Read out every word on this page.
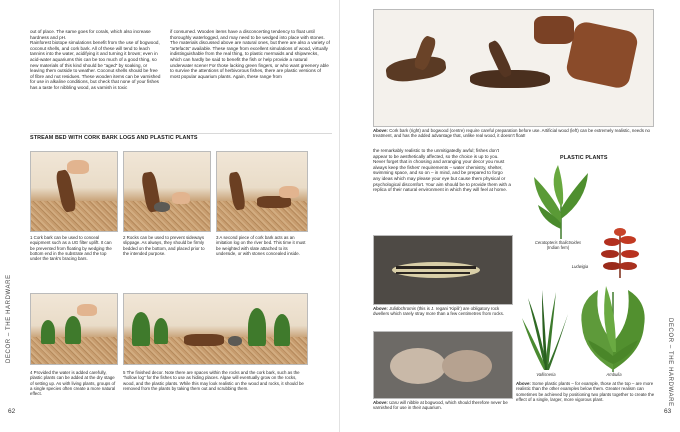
out of place. The same goes for corals, which also increase hardness and pH.
Rainforest biotope simulations benefit from the use of bogwood, coconut shells, and cork bark. All of these will tend to leach tannins into the water, acidifying it and turning it brown; even in acid-water aquariums this can be too much of a good thing, so new materials of this kind should be “aged” by soaking, or leaving them outside to weather. Coconut shells should be free of fibre and nut residues. These wooden items can be varnished for use in alkaline conditions, but check that none of your fishes has a taste for nibbling wood, as varnish is toxic
if consumed. Wooden items have a disconcerting tendency to float until thoroughly waterlogged, and may need to be wedged into place with stones.
The materials discussed above are natural ones, but there are also a variety of “artefacts” available. These range from excellent simulations of wood, virtually indistinguishable from the real thing, to plastic mermaids and shipwrecks, which can hardly be said to benefit the fish or help provide a natural underwater scene! For those lacking green fingers, or who want greenery able to survive the attentions of herbivorous fishes, there are plastic versions of most popular aquarium plants. Again, these range from
STREAM BED WITH CORK BARK LOGS AND PLASTIC PLANTS
1 Cork bark can be used to conceal equipment such as a UG filter uplift. It can be prevented from floating by wedging the bottom end in the substrate and the top under the tank's bracing bars.
2 Rocks can be used to prevent sideways slippage. As always, they should be firmly bedded on the bottom, and placed prior to the intended purpose.
3 A second piece of cork bark acts as an imitation log on the river bed. This time it must be weighted with slate attached to its underside, or with stones concealed inside.
4 Provided the water is added carefully, plastic plants can be added at the dry stage of setting up. As with living plants, groups of a single species often create a more natural effect.
5 The finished decor. Note there are spaces within the rocks and the cork bark, such as the “hollow log” for the fishes to use as hiding places. Algae will eventually grow on the rocks, wood, and the plastic plants. While this may look realistic on the wood and rocks, it should be removed from the plants by taking them out and scrubbing them.
DECOR – THE HARDWARE
62
Above: Cork bark (right) and bogwood (centre) require careful preparation before use. Artificial wood (left) can be extremely realistic, needs no treatment, and has the added advantage that, unlike real wood, it doesn't float!
the remarkably realistic to the unmitigatedly awful; fishes don't appear to be aesthetically affected, so the choice is up to you.
Never forget that in choosing and arranging your decor you must always keep the fishes' requirements – water chemistry, shelter, swimming space, and so on – in mind, and be prepared to forgo any ideas which may please your eye but cause them physical or psychological discomfort. Your aim should be to provide them with a replica of their natural environment in which they will feel at home.
Above: Julidochromis (this is J. regani ‘Kipili’) are obligatory rock dwellers which rarely stray more than a few centimetres from rocks.
Above: Uaru will nibble at bogwood, which should therefore never be varnished for use in their aquarium.
PLASTIC PLANTS
Ceratopteris thalictroides
(Indian fern)
Ludwigia
Vallisneria	Ambulia
Above: Some plastic plants – for example, those at the top – are more realistic than the other examples below them. Greater realism can sometimes be achieved by positioning two plants together to create the effect of a single, larger, more vigorous plant.	DECOR – THE HARDWARE
63
